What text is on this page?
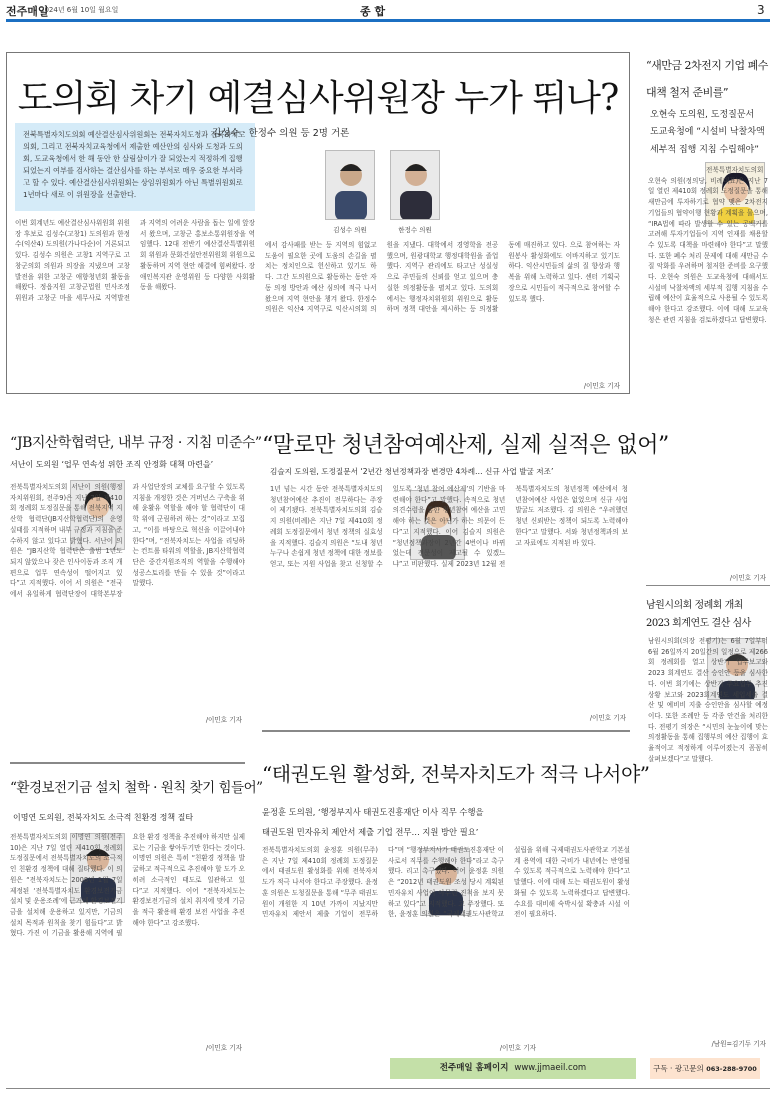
전주매일
2024년 6월 10일 월요일	종 합	3
도의회 차기 예결심사위원장 누가 뛰나?
전북특별자치도의회 예산결산심사위원회는 전북자치도청과 전북자치도의회, 그리고 전북자치교육청에서 제출한 예산안의 심사와 도청과 도의회, 도교육청에서 한 해 동안 한 살림살이가 잘 되었는지 적정하게 집행되었는지 여부를 검사하는 결산심사를 하는 부서로 매우 중요한 부서라고 할 수 있다. 예산결산심사위원회는 상임위원회가 아닌 특별위원회로 1년마다 새로 이 위원장을 선출한다.
김성수 · 한정수 의원 등 2명 거론
김성수 의원	한정수 의원
이번 회계년도 예산결산심사위원회 위원장 후보로 김성수(고창1) 도의원과 한정수(익산4) 도의원(가나다순)이 거론되고 있다. 김성수 의원은 고창1 지역구로 고창군의회 의원과 의장을 지냈으며 고창발전을 위한 고창군 애향청년회 활동을 해왔다. 정읍지원 고창군법원 민사조정위원과 고창군 마을 세무사로 지역발전과 지역의 어려운 사람을 돕는 일에 앞장서 왔으며, 고창군 홍보소통위원장을 역임했다. 12대 전반기 예산결산특별위원회 위원과 문화건설안전위원회 위원으로 활동하며 지역 현안 해결에 힘써왔다. 장애인복지관 운영위원 등 다양한 사회활동을 해왔다.
에서 감사패를 받는 등 지역의 힘없고 도움이 필요한 곳에 도움의 손길을 펼치는 정치인으로 헌신하고 있기도 하다. 그간 도의원으로 활동하는 동안 자동 의정 방안과 예산 심의에 적극 나서 왔으며 지역 현안을 챙겨 왔다. 한정수 의원은 익산4 지역구로 익산시의회 의원을 지냈다. 대학에서 경영학을 전공했으며, 원광대학교 행정대학원을 졸업했다. 지역구 관리에도 타고난 성실성으로 주민들의 신뢰를 얻고 있으며 충실한 의정활동을 펼치고 있다. 도의회에서는 행정자치위원회 위원으로 활동하며 정책 대안을 제시하는 등 의정활동에 매진하고 있다. 으로 참여하는 자원봉사 활성화에도 이바지하고 있기도 하다. 익산시민들의 삶의 질 향상과 행복을 위해 노력하고 있다. 센터 기획국장으로 시민들이 적극적으로 참여할 수 있도록 했다.
/이민호 기자
“새만금 2차전지 기업 폐수 대책 철저 준비를”
오현숙 도의원, 도정질문서
도교육청에 “시설비 낙찰차액 세부적 집행 지침 수립해야”
전북특별자치도의회 오현숙 의원(정의당, 비례대표)은 지난 7일 열린 제410회 정례회 도정질문을 통해 새만금에 투자하기로 협약 맺은 2차전지 기업들의 협약이행 현황과 계획을 물으며, “IRA법에 따라 발생할 수 있는 공백기를 고려해 투자기업들이 지역 인재를 채용할 수 있도록 대책을 마련해야 한다”고 말했다. 또한 폐수 처리 문제에 대해 새만금 수질 악화를 우려하며 철저한 준비를 요구했다. 오현숙 의원은 도교육청에 대해서도 시설비 낙찰차액의 세부적 집행 지침을 수립해 예산이 효율적으로 사용될 수 있도록 해야 한다고 강조했다. 이에 대해 도교육청은 관련 지침을 검토하겠다고 답변했다.
/이민호 기자
남원시의회 정례회 개최
2023 회계연도 결산 심사
남원시의회(의장 전평기)는 6월 7일부터 6월 26일까지 20일간의 일정으로 제266회 정례회를 열고 상반기 업무보고와 2023 회계연도 결산 승인안 등을 심사한다. 이번 회기에는 상반기 주요업무 추진상황 보고와 2023회계연도 세입세출 결산 및 예비비 지출 승인안을 심사할 예정이다. 또한 조례안 등 각종 안건을 처리한다. 전평기 의장은 “시민의 눈높이에 맞는 의정활동을 통해 집행부의 예산 집행이 효율적이고 적정하게 이루어졌는지 꼼꼼히 살펴보겠다”고 말했다.
/남원=김기두 기자
“JB지산학협력단, 내부 규정 · 지침 미준수”
서난이 도의원 ‘업무 연속성 위한 조직 안정화 대책 마련을’
전북특별자치도의회 서난이 의원(행정자치위원회, 전주9)은 지난 7일 제410회 정례회 도정질문을 통해 전북지역 지산학 협력단(JB지산학협력단)의 운영 실태를 지적하며 내부 규정과 지침을 준수하지 않고 있다고 밝혔다. 서난이 의원은 “JB지산학 협력단은 출범 1년도 되지 않았으나 잦은 인사이동과 조직 개편으로 업무 연속성이 떨어지고 있다”고 지적했다. 이어 서 의원은 “전국에서 유일하게 협력단장이 대학본부장과 사업단장의 교체를 요구할 수 있도록 지침을 개정한 것은 거버넌스 구축을 위해 윤활유 역할을 해야 할 협력단이 대학 위에 군림하려 하는 것”이라고 꼬집고, “이를 바탕으로 혁신을 이끌어내야 한다”며, “전북자치도는 사업을 리딩하는 컨트롤 타워의 역할을, JB지산학협력단은 중간지원조직의 역할을 수행해야 성공스토리를 만들 수 있을 것”이라고 말했다.
/이민호 기자
“말로만 청년참여예산제, 실제 실적은 없어”
김슬지 도의원, 도정질문서 ‘2년간 청년정책과장 변경만 4차례… 신규 사업 발굴 저조’
1년 넘는 시간 동안 전북특별자치도의 청년참여예산 추진이 전무하다는 주장이 제기됐다. 전북특별자치도의회 김슬지 의원(비례)은 지난 7일 제410회 정례회 도정질문에서 청년 정책의 실효성을 지적했다. 김슬지 의원은 “도내 청년 누구나 손쉽게 청년 정책에 대한 정보를 얻고, 또는 지원 사업을 찾고 신청할 수 있도록 ‘청년 참여 예산제’의 기반을 마련해야 한다”고 말했다. 속적으로 청년 의견수렴을 통한 청년참여 예산을 고민해야 하는 것은 아닌가 하는 의문이 든다”고 지적했다. 이어 김슬지 의원은 “청년정책과장이 2년간 4번이나 바뀌었는데 전문성이 제고될 수 있겠느냐”고 비판했다. 실제 2023년 12월 전북특별자치도의 청년정책 예산에서 청년참여예산 사업은 없었으며 신규 사업 발굴도 저조했다. 김 의원은 “우려했던 청년 신뢰받는 정책이 되도록 노력해야 한다”고 말했다. 서와 청년정책과의 보고 자료에도 지적된 바 있다.
/이민호 기자
“환경보전기금 설치 철학 · 원칙 찾기 힘들어”
이명연 도의원, 전북자치도 소극적 친환경 정책 질타
전북특별자치도의회 이명연 의원(전주10)은 지난 7일 열린 제410회 정례회 도정질문에서 전북특별자치도의 소극적인 친환경 정책에 대해 질타했다. 이 의원은 “전북자치도는 2008년 1월 7일 제정된 ‘전북특별자치도 환경보전기금 설치 및 운용조례’에 근거해 환경보전기금을 설치해 운용하고 있지만, 기금의 설치 목적과 원칙을 찾기 힘들다”고 밝혔다. 가진 이 기금을 활용해 지역에 필요한 환경 정책을 추진해야 하지만 실제로는 기금을 쌓아두기만 한다는 것이다. 이명연 의원은 특히 “친환경 정책을 발굴하고 적극적으로 추진해야 할 도가 오히려 소극적인 태도로 일관하고 있다”고 지적했다. 이어 “전북자치도는 환경보전기금의 설치 취지에 맞게 기금을 적극 활용해 환경 보전 사업을 추진해야 한다”고 강조했다.
/이민호 기자
“태권도원 활성화, 전북자치도가 적극 나서야”
윤정훈 도의원, ‘행정부지사 태권도진흥재단 이사 직무 수행을
태권도원 민자유치 제안서 제출 기업 전무… 지원 방안 필요’
전북특별자치도의회 윤정훈 의원(무주)은 지난 7일 제410회 정례회 도정질문에서 태권도원 활성화를 위해 전북자치도가 적극 나서야 한다고 주장했다. 윤정훈 의원은 도청질문을 통해 “무주 태권도원이 개원한 지 10년 가까이 지났지만 민자유치 제안서 제출 기업이 전무하다”며 “행정부지사가 태권도진흥재단 이사로서 직무를 수행해야 한다”라고 촉구했다. 리고 촉구했다. 이어 윤정훈 의원은 “2012년 태권도원 조성 당시 계획된 민자유치 사업이 아무런 진척을 보지 못하고 있다”고 지적했다. 고 주장했다. 또한, 윤정훈 의원은 “국제태권도사관학교 설립을 위해 국제태권도사관학교 기본설계 용역에 대한 국비가 내년에는 반영될 수 있도록 적극적으로 노력해야 한다”고 말했다. 이에 대해 도는 태권도원이 활성화될 수 있도록 노력하겠다고 답변했다. 수요를 대비해 숙박시설 확충과 시설 이전이 필요하다.
/이민호 기자
전주매일 홈페이지 www.jjmaeil.com	구독 · 광고문의 063-288-9700
